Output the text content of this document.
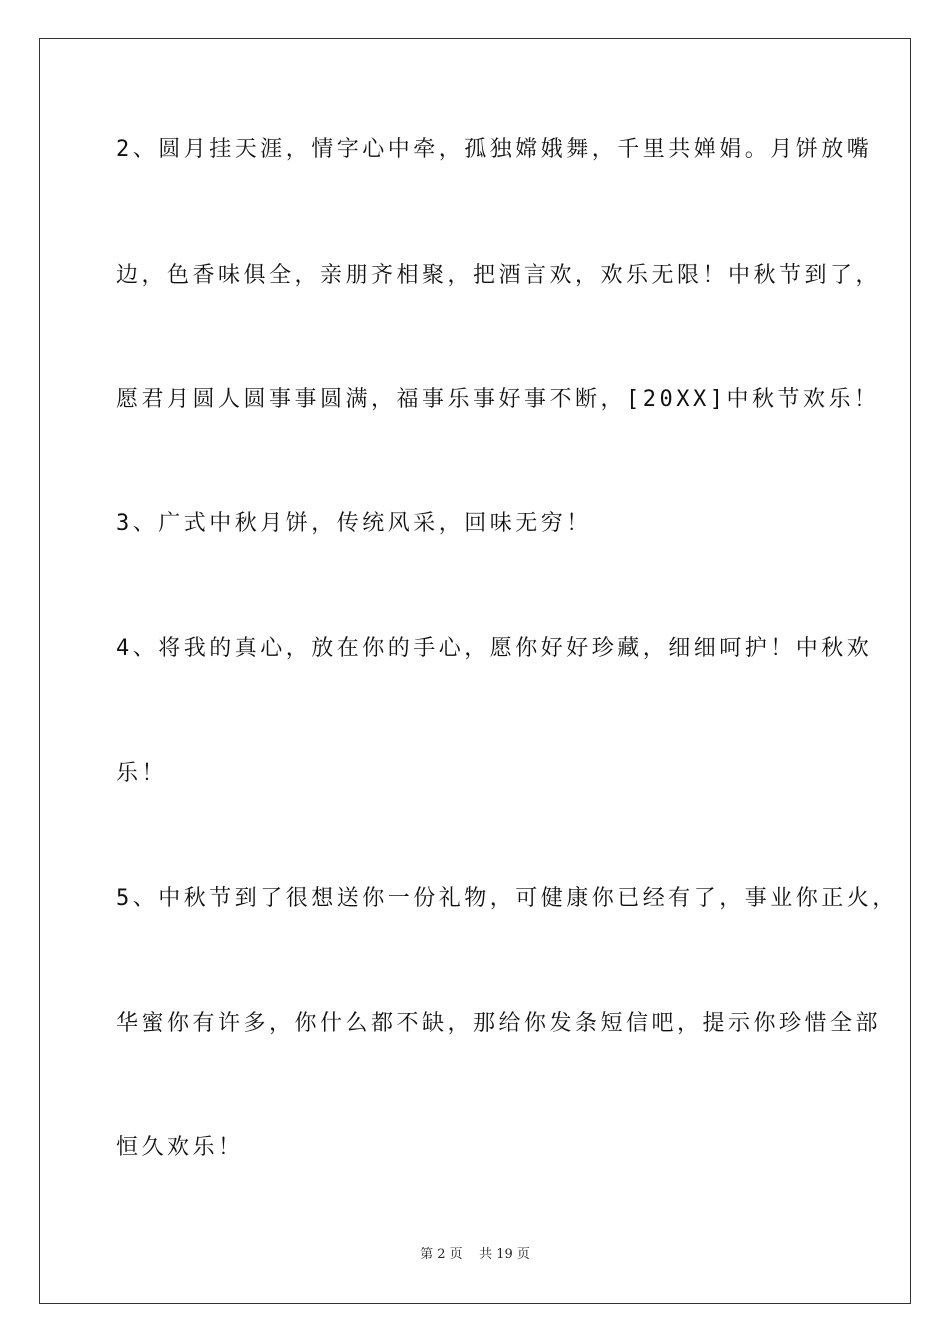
2、圆月挂天涯，情字心中牵，孤独嫦娥舞，千里共婵娟。月饼放嘴
边，色香味俱全，亲朋齐相聚，把酒言欢，欢乐无限！中秋节到了，
愿君月圆人圆事事圆满，福事乐事好事不断，[20XX]中秋节欢乐！
3、广式中秋月饼，传统风采，回味无穷！
4、将我的真心，放在你的手心，愿你好好珍藏，细细呵护！中秋欢
乐！
5、中秋节到了很想送你一份礼物，可健康你已经有了，事业你正火，
华蜜你有许多，你什么都不缺，那给你发条短信吧，提示你珍惜全部
恒久欢乐！
第 2 页    共 19 页
